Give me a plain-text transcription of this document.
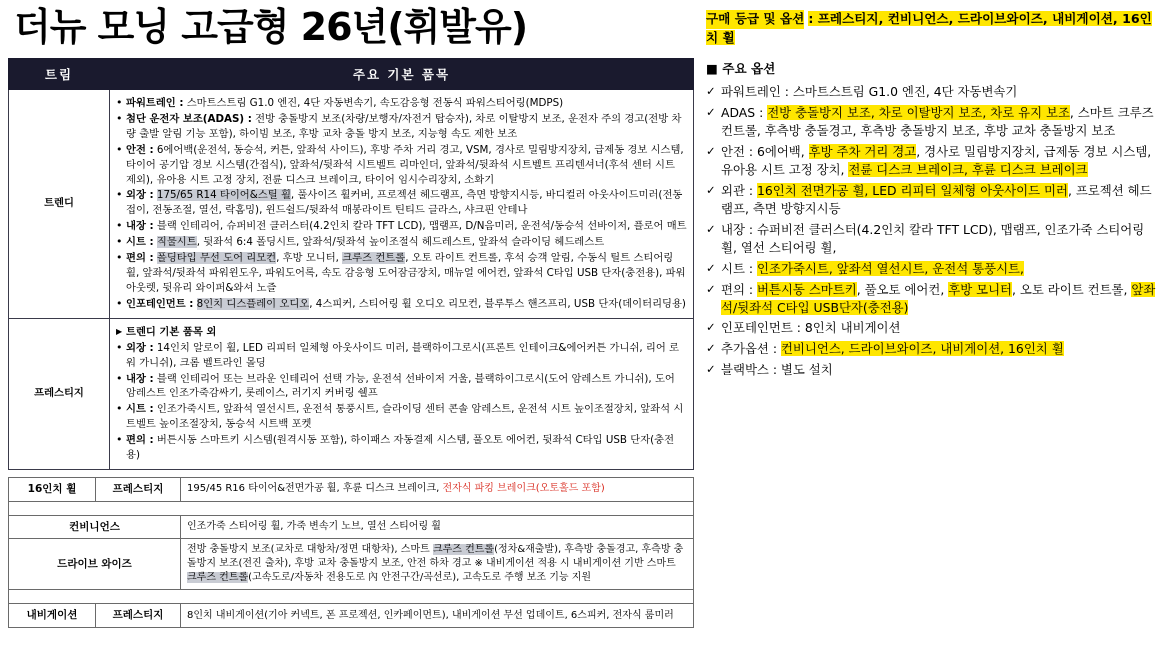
더뉴 모닝 고급형 26년(휘발유)
트림	주요 기본 품목
트렌디	
• 파워트레인 : 스마트스트림 G1.0 엔진, 4단 자동변속기, 속도감응형 전동식 파워스티어링(MDPS)
• 첨단 운전자 보조(ADAS) : 전방 충돌방지 보조(차량/보행자/자전거 탑승자), 차로 이탈방지 보조, 운전자 주의 경고(전방 차량 출발 알림 기능 포함), 하이빔 보조, 후방 교차 충돌 방지 보조, 지능형 속도 제한 보조
• 안전 : 6에어백(운전석, 동승석, 커튼, 앞좌석 사이드), 후방 주차 거리 경고, VSM, 경사로 밀림방지장치, 급제동 경보 시스템, 타이어 공기압 경보 시스템(간접식), 앞좌석/뒷좌석 시트벨트 리마인더, 앞좌석/뒷좌석 시트벨트 프리텐셔너(후석 센터 시트 제외), 유아용 시트 고정 장치, 전륜 디스크 브레이크, 타이어 임시수리장치, 소화기
• 외장 : 175/65 R14 타이어&스틸 휠, 풀사이즈 휠커버, 프로젝션 헤드램프, 측면 방향지시등, 바디컬러 아웃사이드미러(전동접이, 전동조절, 열선, 락홈밍), 윈드쉴드/뒷좌석 매봉라이트 틴티드 글라스, 샤크핀 안테나
• 내장 : 블랙 인테리어, 슈퍼비전 클러스터(4.2인치 칼라 TFT LCD), 맵램프, D/N음미러, 운전석/동승석 선바이저, 플로어 매트
• 시트 : 직물시트, 뒷좌석 6:4 폴딩시트, 앞좌석/뒷좌석 높이조절식 헤드레스트, 앞좌석 슬라이딩 헤드레스트
• 편의 : 폴딩타입 무선 도어 리모컨, 후방 모니터, 크루즈 컨트롤, 오토 라이트 컨트롤, 후석 승객 알림, 수동식 틸트 스티어링 휠, 앞좌석/뒷좌석 파워윈도우, 파워도어록, 속도 감응형 도어잠금장치, 매뉴얼 에어컨, 앞좌석 C타입 USB 단자(충전용), 파워아웃렛, 뒷유리 와이퍼&와셔 노즐
• 인포테인먼트 : 8인치 디스플레이 오디오, 4스피커, 스티어링 휠 오디오 리모컨, 블루투스 핸즈프리, USB 단자(데이터리딩용)

프레스티지	
▶ 트렌디 기본 품목 외
• 외장 : 14인치 알로이 휠, LED 리피터 일체형 아웃사이드 미러, 블랙하이그로시(프론트 인테이크&에어커튼 가니쉬, 리어 로워 가니쉬), 크롬 벨트라인 몰딩
• 내장 : 블랙 인테리어 또는 브라운 인테리어 선택 가능, 운전석 선바이저 거울, 블랙하이그로시(도어 암레스트 가니쉬), 도어 암레스트 인조가죽감싸기, 롯레이스, 러기지 커버링 쉘프
• 시트 : 인조가죽시트, 앞좌석 열선시트, 운전석 통풍시트, 슬라이딩 센터 콘솔 암레스트, 운전석 시트 높이조절장치, 앞좌석 시트벨트 높이조절장치, 동승석 시트백 포켓
• 편의 : 버튼시동 스마트키 시스템(원격시동 포함), 하이패스 자동결제 시스템, 풀오토 에어컨, 뒷좌석 C타입 USB 단자(충전용)
16인치 휠	프레스티지	195/45 R16 타이어&전면가공 휠, 후륜 디스크 브레이크, 전자식 파킹 브레이크(오토홀드 포함)

컨비니언스		인조가죽 스티어링 휠, 가죽 변속기 노브, 열선 스티어링 휠
드라이브 와이즈		전방 충돌방지 보조(교차로 대항차/정면 대항차), 스마트 크루즈 컨트롤(정차&재출발), 후측방 충돌경고, 후측방 충돌방지 보조(전진 출차), 후방 교차 충돌방지 보조, 안전 하차 경고 ※ 내비게이션 적용 시 내비게이션 기반 스마트 크루즈 컨트롤(고속도로/자동차 전용도로 內 안전구간/곡선로), 고속도로 주행 보조 기능 지원

내비게이션	프레스티지	8인치 내비게이션(기아 커넥트, 폰 프로젝션, 인카페이먼트), 내비게이션 무선 업데이트, 6스피커, 전자식 룸미러
구매 등급 및 옵션 : 프레스티지, 컨비니언스, 드라이브와이즈, 내비게이션, 16인치 휠
■ 주요 옵션
✓ 파워트레인 : 스마트스트림 G1.0 엔진, 4단 자동변속기
✓ ADAS : 전방 충돌방지 보조, 차로 이탈방지 보조, 차로 유지 보조, 스마트 크루즈 컨트롤, 후측방 충돌경고, 후측방 충돌방지 보조, 후방 교차 충돌방지 보조
✓ 안전 : 6에어백, 후방 주차 거리 경고, 경사로 밀림방지장치, 급제동 경보 시스템, 유아용 시트 고정 장치, 전륜 디스크 브레이크, 후륜 디스크 브레이크
✓ 외관 : 16인치 전면가공 휠, LED 리피터 일체형 아웃사이드 미러, 프로젝션 헤드램프, 측면 방향지시등
✓ 내장 : 슈퍼비전 클러스터(4.2인치 칼라 TFT LCD), 맵램프, 인조가죽 스티어링 휠, 열선 스티어링 휠,
✓ 시트 : 인조가죽시트, 앞좌석 열선시트, 운전석 통풍시트,
✓ 편의 : 버튼시동 스마트키, 풀오토 에어컨, 후방 모니터, 오토 라이트 컨트롤, 앞좌석/뒷좌석 C타입 USB단자(충전용)
✓ 인포테인먼트 : 8인치 내비게이션
✓ 추가옵션 : 컨비니언스, 드라이브와이즈, 내비게이션, 16인치 휠
✓ 블랙박스 : 별도 설치
